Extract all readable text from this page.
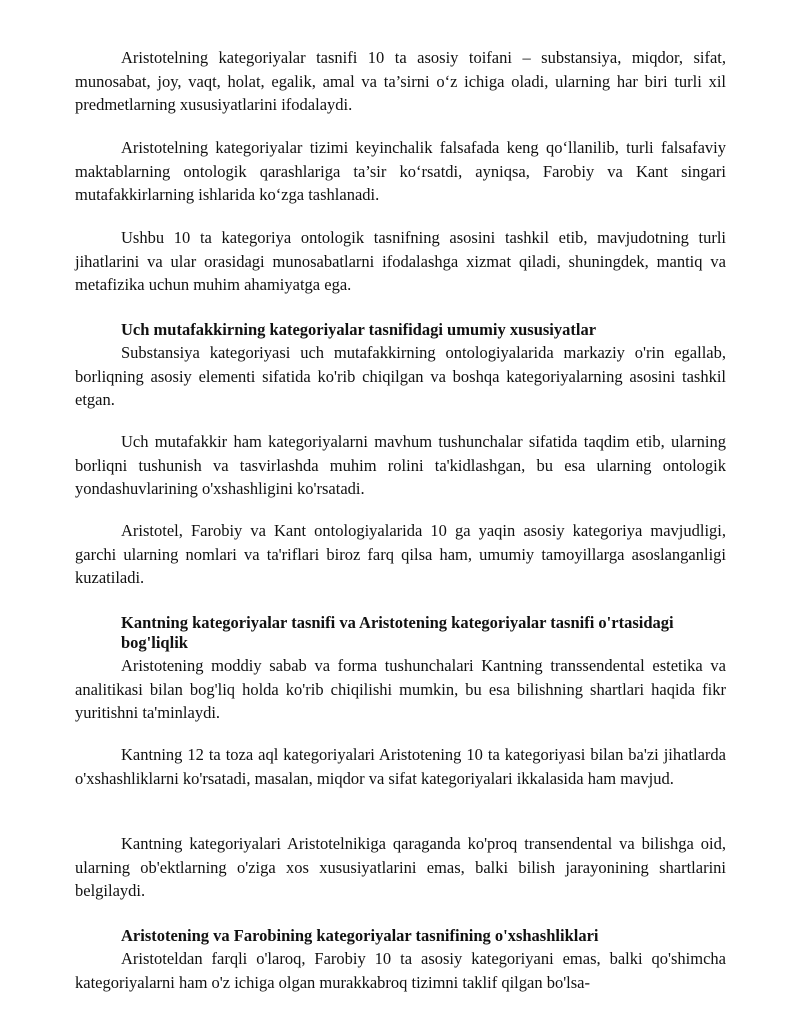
Aristotelning kategoriyalar tasnifi 10 ta asosiy toifani – substansiya, miqdor, sifat, munosabat, joy, vaqt, holat, egalik, amal va ta’sirni o‘z ichiga oladi, ularning har biri turli xil predmetlarning xususiyatlarini ifodalaydi.

Aristotelning kategoriyalar tizimi keyinchalik falsafada keng qo‘llanilib, turli falsafaviy maktablarning ontologik qarashlariga ta’sir ko‘rsatdi, ayniqsa, Farobiy va Kant singari mutafakkirlarning ishlarida ko‘zga tashlanadi.

Ushbu 10 ta kategoriya ontologik tasnifning asosini tashkil etib, mavjudotning turli jihatlarini va ular orasidagi munosabatlarni ifodalashga xizmat qiladi, shuningdek, mantiq va metafizika uchun muhim ahamiyatga ega.

Uch mutafakkirning kategoriyalar tasnifidagi umumiy xususiyatlar

Substansiya kategoriyasi uch mutafakkirning ontologiyalarida markaziy o'rin egallab, borliqning asosiy elementi sifatida ko'rib chiqilgan va boshqa kategoriyalarning asosini tashkil etgan.

Uch mutafakkir ham kategoriyalarni mavhum tushunchalar sifatida taqdim etib, ularning borliqni tushunish va tasvirlashda muhim rolini ta'kidlashgan, bu esa ularning ontologik yondashuvlarining o'xshashligini ko'rsatadi.

Aristotel, Farobiy va Kant ontologiyalarida 10 ga yaqin asosiy kategoriya mavjudligi, garchi ularning nomlari va ta'riflari biroz farq qilsa ham, umumiy tamoyillarga asoslanganligi kuzatiladi.

Kantning kategoriyalar tasnifi va Aristotening kategoriyalar tasnifi o'rtasidagi bog'liqlik

Aristotening moddiy sabab va forma tushunchalari Kantning transsendental estetika va analitikasi bilan bog'liq holda ko'rib chiqilishi mumkin, bu esa bilishning shartlari haqida fikr yuritishni ta'minlaydi.

Kantning 12 ta toza aql kategoriyalari Aristotening 10 ta kategoriyasi bilan ba'zi jihatlarda o'xshashliklarni ko'rsatadi, masalan, miqdor va sifat kategoriyalari ikkalasida ham mavjud.

Kantning kategoriyalari Aristotelnikiga qaraganda ko'proq transendental va bilishga oid, ularning ob'ektlarning o'ziga xos xususiyatlarini emas, balki bilish jarayonining shartlarini belgilaydi.

Aristotening va Farobining kategoriyalar tasnifining o'xshashliklari

Aristoteldan farqli o'laroq, Farobiy 10 ta asosiy kategoriyani emas, balki qo'shimcha kategoriyalarni ham o'z ichiga olgan murakkabroq tizimni taklif qilgan bo'lsa-
